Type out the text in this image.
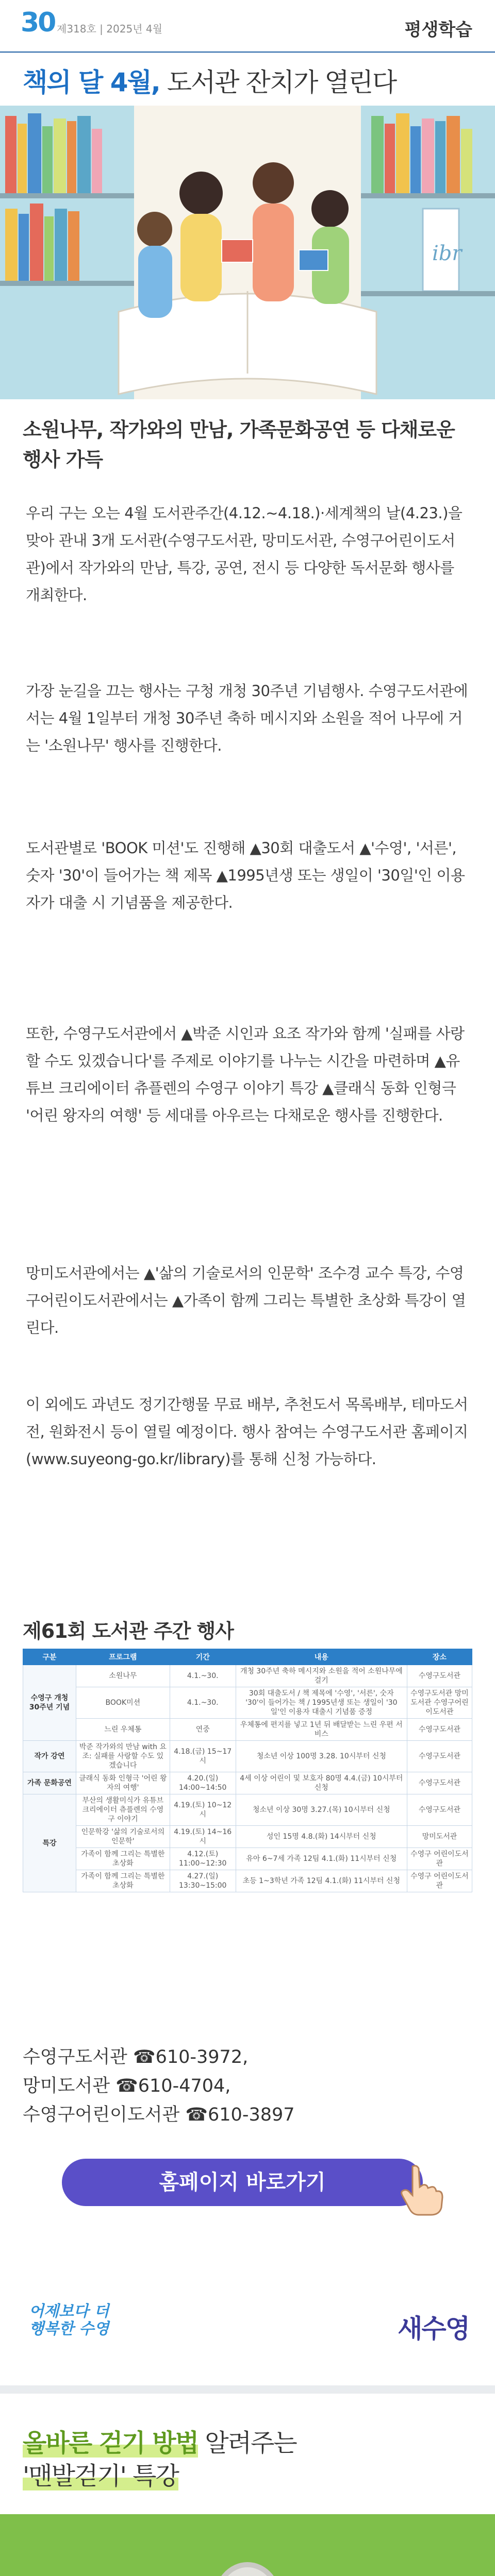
30 제318호 | 2025년 4월	평생학습
책의 달 4월, 도서관 잔치가 열린다
ibr
소원나무, 작가와의 만남, 가족문화공연 등 다채로운 행사 가득
우리 구는 오는 4월 도서관주간(4.12.~4.18.)·세계책의 날(4.23.)을 맞아 관내 3개 도서관(수영구도서관, 망미도서관, 수영구어린이도서관)에서 작가와의 만남, 특강, 공연, 전시 등 다양한 독서문화 행사를 개최한다.
가장 눈길을 끄는 행사는 구청 개청 30주년 기념행사. 수영구도서관에서는 4월 1일부터 개청 30주년 축하 메시지와 소원을 적어 나무에 거는 '소원나무' 행사를 진행한다.
도서관별로 'BOOK 미션'도 진행해 ▲30회 대출도서 ▲'수영', '서른', 숫자 '30'이 들어가는 책 제목 ▲1995년생 또는 생일이 '30일'인 이용자가 대출 시 기념품을 제공한다.
또한, 수영구도서관에서 ▲박준 시인과 요조 작가와 함께 '실패를 사랑할 수도 있겠습니다'를 주제로 이야기를 나누는 시간을 마련하며 ▲유튜브 크리에이터 츄플렌의 수영구 이야기 특강 ▲클래식 동화 인형극 '어린 왕자의 여행' 등 세대를 아우르는 다채로운 행사를 진행한다.
망미도서관에서는 ▲'삶의 기술로서의 인문학' 조수경 교수 특강, 수영구어린이도서관에서는 ▲가족이 함께 그리는 특별한 초상화 특강이 열린다.
이 외에도 과년도 정기간행물 무료 배부, 추천도서 목록배부, 테마도서전, 원화전시 등이 열릴 예정이다. 행사 참여는 수영구도서관 홈페이지(www.suyeong-go.kr/library)를 통해 신청 가능하다.
제61회 도서관 주간 행사
구분	프로그램	기간	내용	장소
수영구 개청 30주년 기념	소원나무	4.1.~30.	개청 30주년 축하 메시지와 소원을 적어 소원나무에 걸기	수영구도서관
	BOOK미션	4.1.~30.	30회 대출도서 / 책 제목에 '수영', '서른', 숫자 '30'이 들어가는 책 / 1995년생 또는 생일이 '30일'인 이용자 대출시 기념품 증정	수영구도서관 망미도서관 수영구어린이도서관
	느린 우체통	연중	우체통에 편지를 넣고 1년 뒤 배달받는 느린 우편 서비스	수영구도서관
작가 강연	박준 작가와의 만남 with 요조: 실패를 사랑할 수도 있겠습니다	4.18.(금) 15~17시	청소년 이상 100명 3.28. 10시부터 신청	수영구도서관
가족 문화공연	클래식 동화 인형극 '어린 왕자의 여행'	4.20.(일) 14:00~14:50	4세 이상 어린이 및 보호자 80명 4.4.(금) 10시부터 신청	수영구도서관
특강	부산의 생활미식가 유튜브 크리에이터 츄플렌의 수영구 이야기	4.19.(토) 10~12시	청소년 이상 30명 3.27.(목) 10시부터 신청	수영구도서관
	인문학강 '삶의 기술로서의 인문학'	4.19.(토) 14~16시	성인 15명 4.8.(화) 14시부터 신청	망미도서관
	가족이 함께 그리는 특별한 초상화	4.12.(토) 11:00~12:30	유아 6~7세 가족 12팀 4.1.(화) 11시부터 신청	수영구 어린이도서관
	가족이 함께 그리는 특별한 초상화	4.27.(일) 13:30~15:00	초등 1~3학년 가족 12팀 4.1.(화) 11시부터 신청	수영구 어린이도서관
수영구도서관 ☎610-3972,
망미도서관 ☎610-4704,
수영구어린이도서관 ☎610-3897
홈페이지 바로가기
어제보다 더
행복한 수영	새수영
올바른 걷기 방법 알려주는
'맨발걷기' 특강
